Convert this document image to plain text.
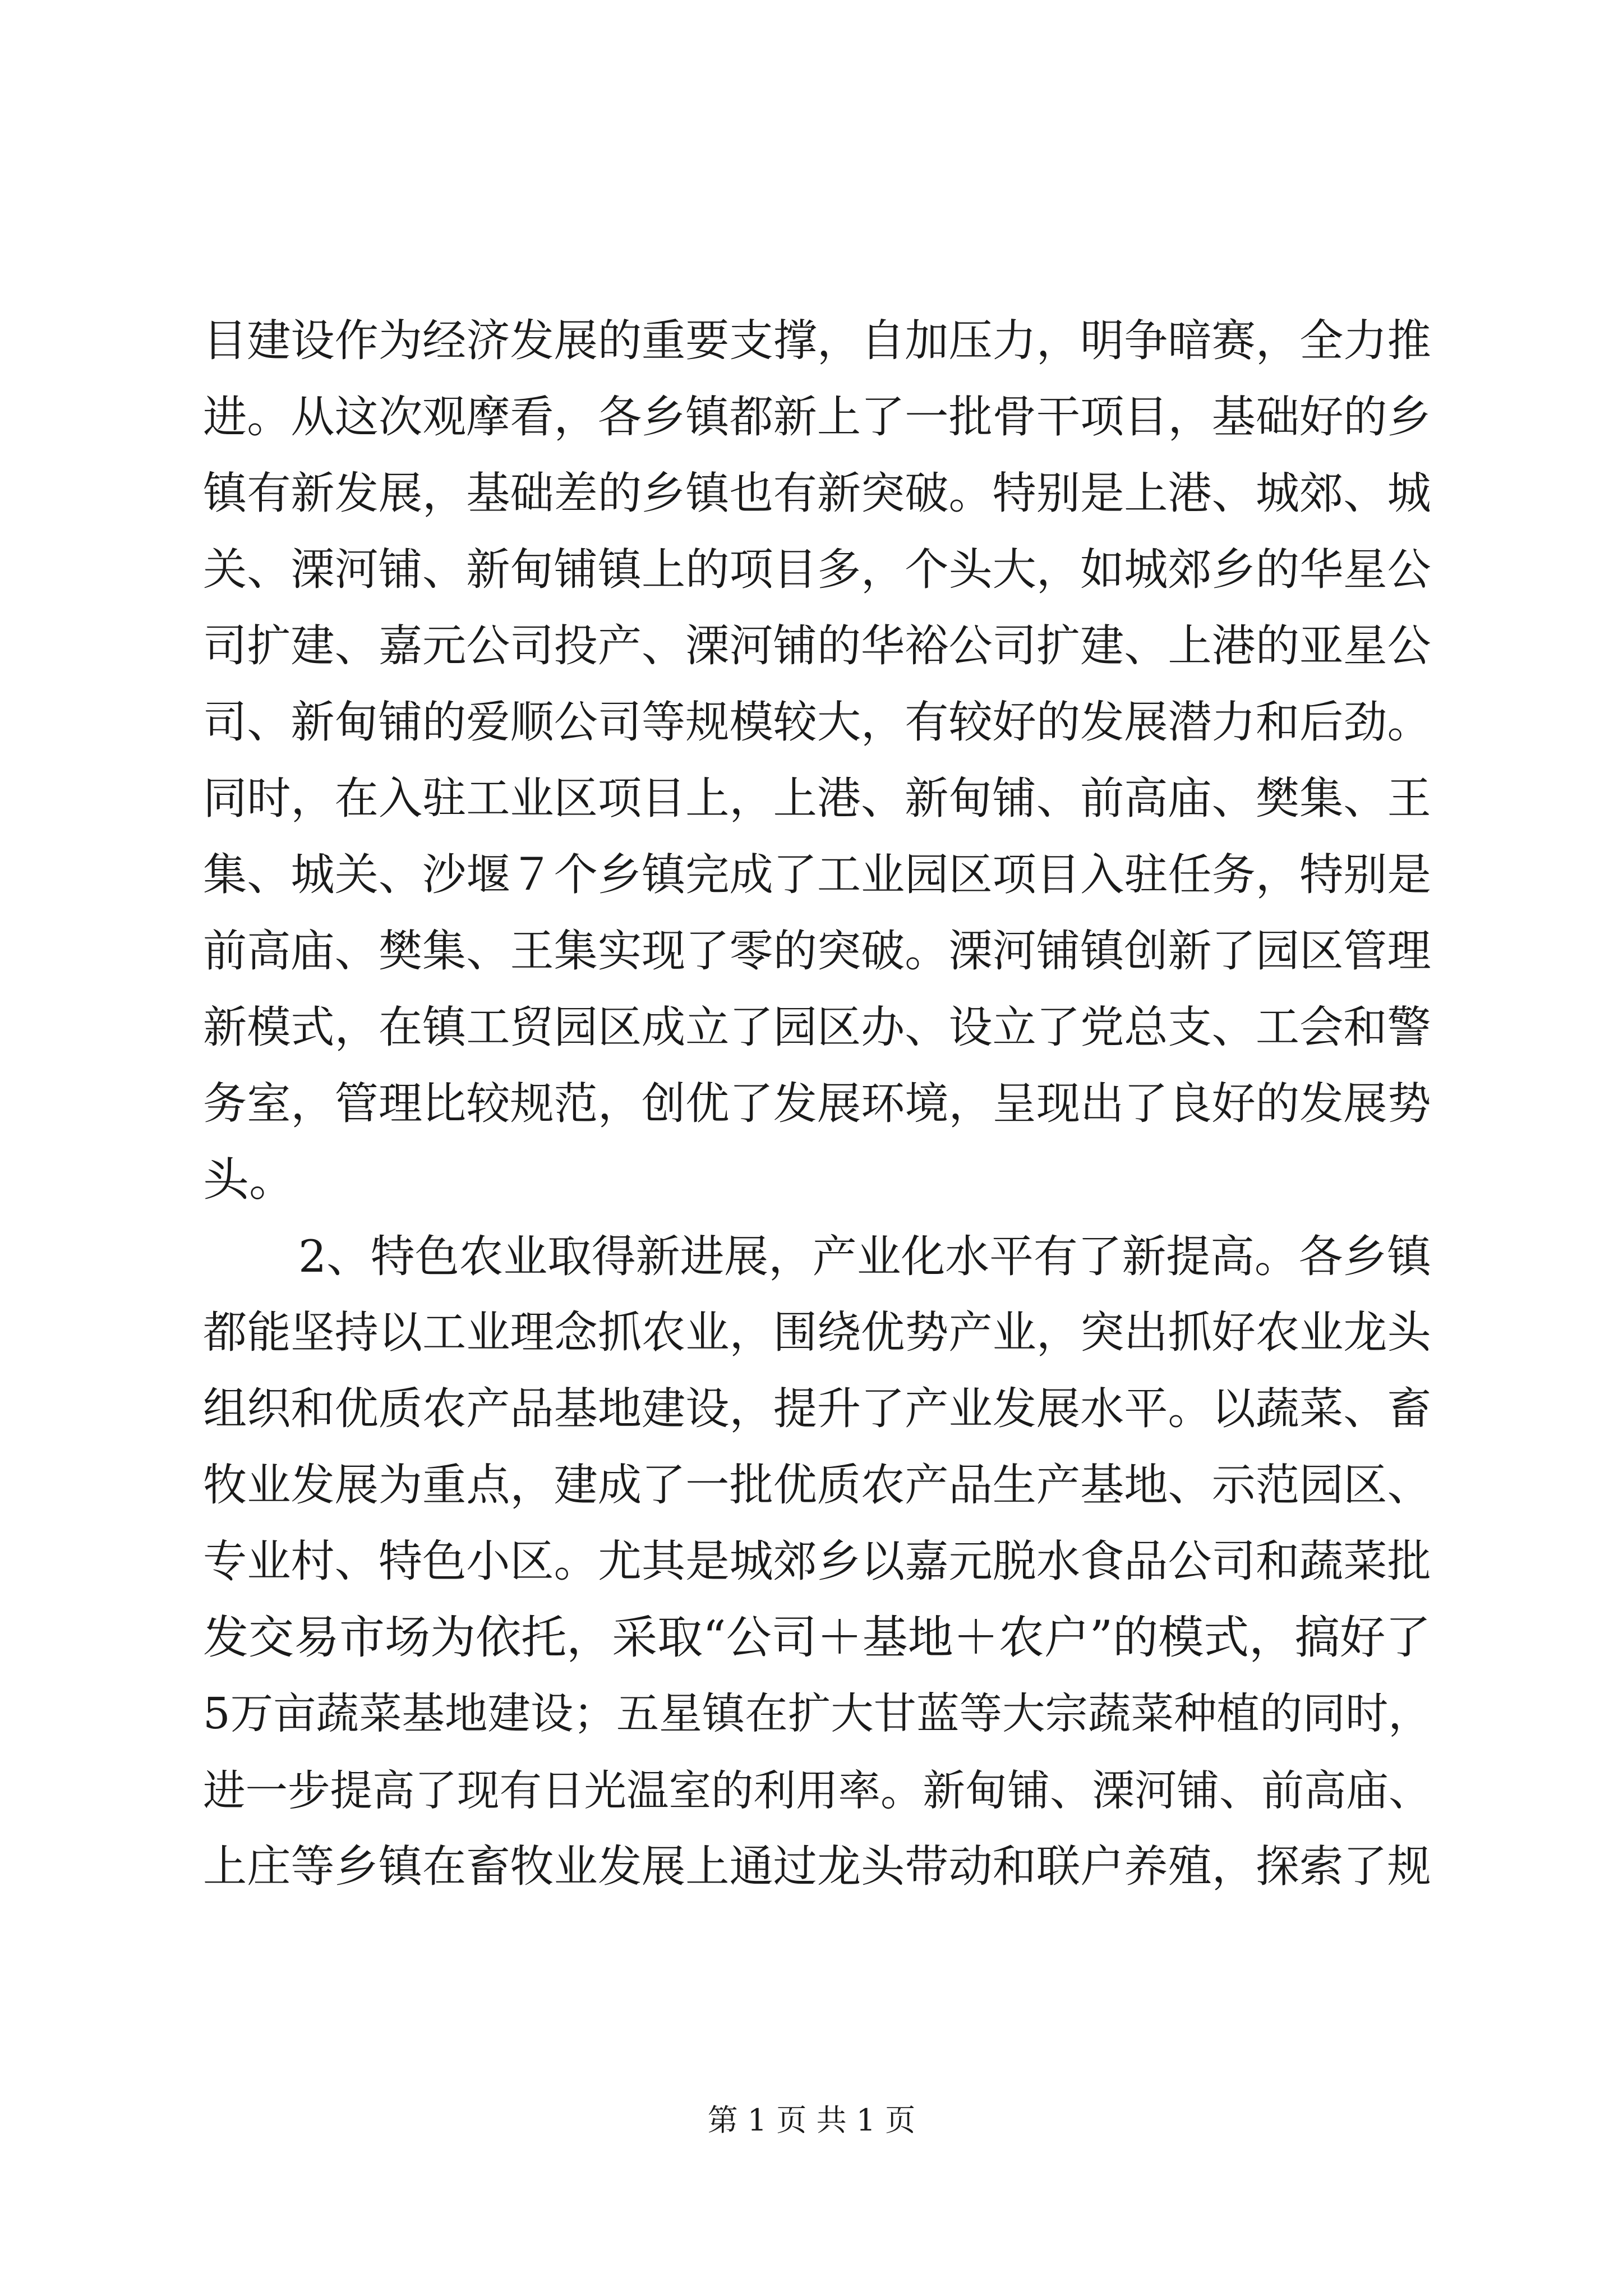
目建设作为经济发展的重要支撑，自加压力，明争暗赛，全力推
进。从这次观摩看，各乡镇都新上了一批骨干项目，基础好的乡
镇有新发展，基础差的乡镇也有新突破。特别是上港、城郊、城
关、溧河铺、新甸铺镇上的项目多，个头大，如城郊乡的华星公
司扩建、嘉元公司投产、溧河铺的华裕公司扩建、上港的亚星公
司、新甸铺的爱顺公司等规模较大，有较好的发展潜力和后劲。
同时，在入驻工业区项目上，上港、新甸铺、前高庙、樊集、王
集、城关、沙堰７个乡镇完成了工业园区项目入驻任务，特别是
前高庙、樊集、王集实现了零的突破。溧河铺镇创新了园区管理
新模式，在镇工贸园区成立了园区办、设立了党总支、工会和警
务室，管理比较规范，创优了发展环境，呈现出了良好的发展势
头。
2、特色农业取得新进展，产业化水平有了新提高。各乡镇
都能坚持以工业理念抓农业，围绕优势产业，突出抓好农业龙头
组织和优质农产品基地建设，提升了产业发展水平。以蔬菜、畜
牧业发展为重点，建成了一批优质农产品生产基地、示范园区、
专业村、特色小区。尤其是城郊乡以嘉元脱水食品公司和蔬菜批
发交易市场为依托，采取“公司＋基地＋农户”的模式，搞好了
5万亩蔬菜基地建设；五星镇在扩大甘蓝等大宗蔬菜种植的同时，
进一步提高了现有日光温室的利用率。新甸铺、溧河铺、前高庙、
上庄等乡镇在畜牧业发展上通过龙头带动和联户养殖，探索了规
第 1 页 共 1 页
